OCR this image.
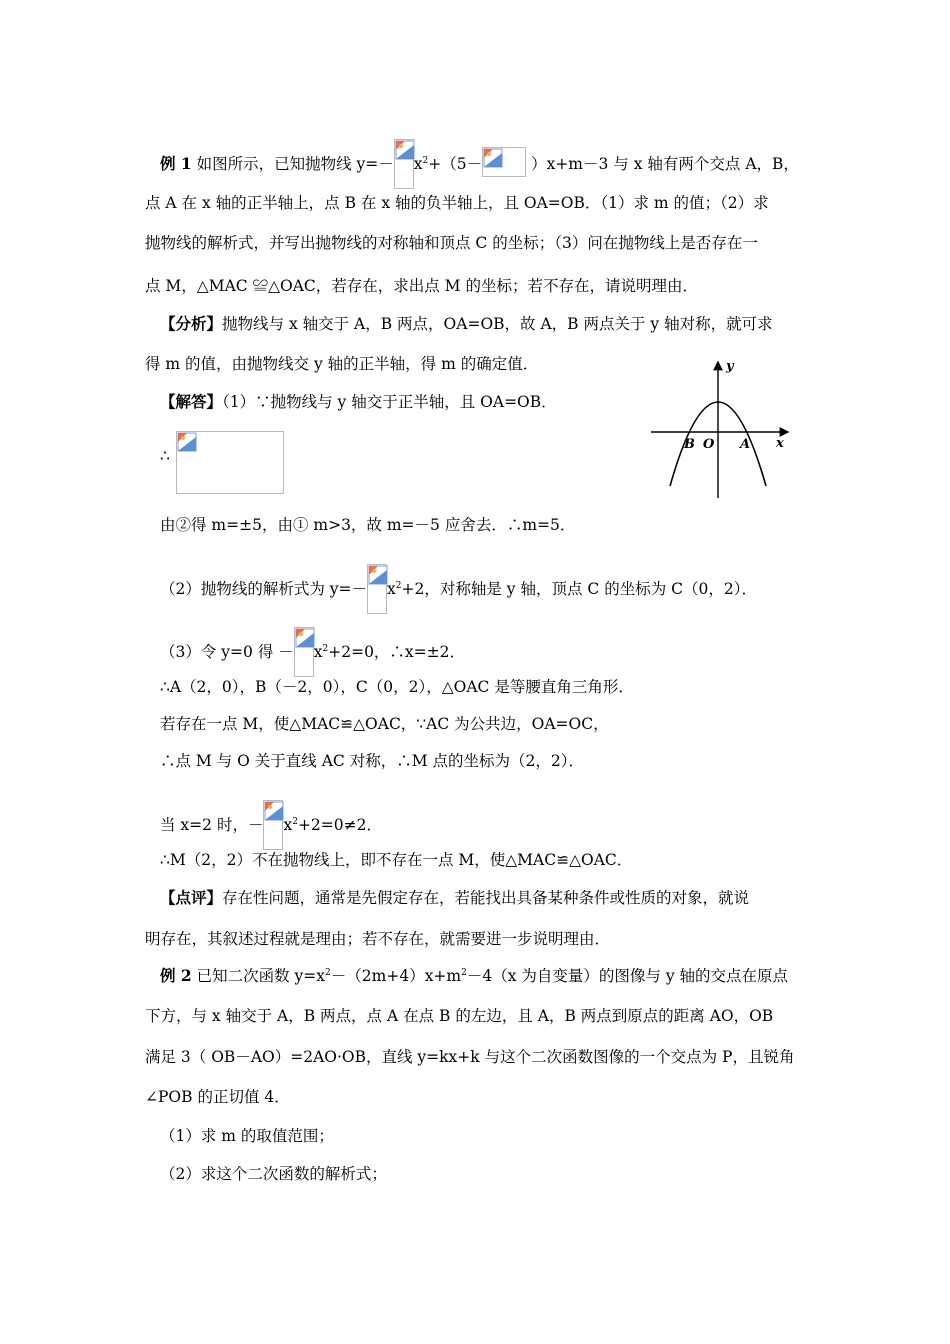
例 1 如图所示，已知抛物线 $y=- x^2+(5-$	）x+m－3 与 x 轴有两个交点 A，B，
点 A 在 x 轴的正半轴上，点 B 在 x 轴的负半轴上，且 OA=OB．（1）求 m 的值；（2）求
抛物线的解析式，并写出抛物线的对称轴和顶点 C 的坐标；（3）问在抛物线上是否存在一
点 M，△MAC ≌△OAC，若存在，求出点 M 的坐标；若不存在，请说明理由．
【分析】抛物线与 x 轴交于 A，B 两点，OA=OB，故 A，B 两点关于 y 轴对称，就可求
得 m 的值，由抛物线交 y 轴的正半轴，得 m 的确定值．
【解答】（1）∵抛物线与 y 轴交于正半轴，且 OA=OB．
∴
由②得 m=±5，由① m>3，故 m=－5 应舍去．∴m=5．
（2）抛物线的解析式为 $y=- x^2+2$，对称轴是 y 轴，顶点 C 的坐标为 C（0，2）．
（3）令 y=0 得 － $x^2+2=0$，∴x=±2．
∴A（2，0），B（－2，0），C（0，2），△OAC 是等腰直角三角形．
若存在一点 M，使△MAC≌△OAC，∵AC 为公共边，OA=OC，
∴点 M 与 O 关于直线 AC 对称，∴M 点的坐标为（2，2）．
当 x=2 时，－ $x^2+2=0\ne 2$．
∴M（2，2）不在抛物线上，即不存在一点 M，使△MAC≌△OAC．
【点评】存在性问题，通常是先假定存在，若能找出具备某种条件或性质的对象，就说
明存在，其叙述过程就是理由；若不存在，就需要进一步说明理由．
例 2 已知二次函数 $y=x^2-(2m+4)x+m^2-4(x$ 为自变量）的图像与 y 轴的交点在原点
下方，与 x 轴交于 A，B 两点，点 A 在点 B 的左边，且 A，B 两点到原点的距离 AO，OB
满足 3（ OB－AO）=2AO·OB，直线 y=kx+k 与这个二次函数图像的一个交点为 P，且锐角
∠POB 的正切值 4．
（1）求 m 的取值范围；
（2）求这个二次函数的解析式；
y
x
B O A
